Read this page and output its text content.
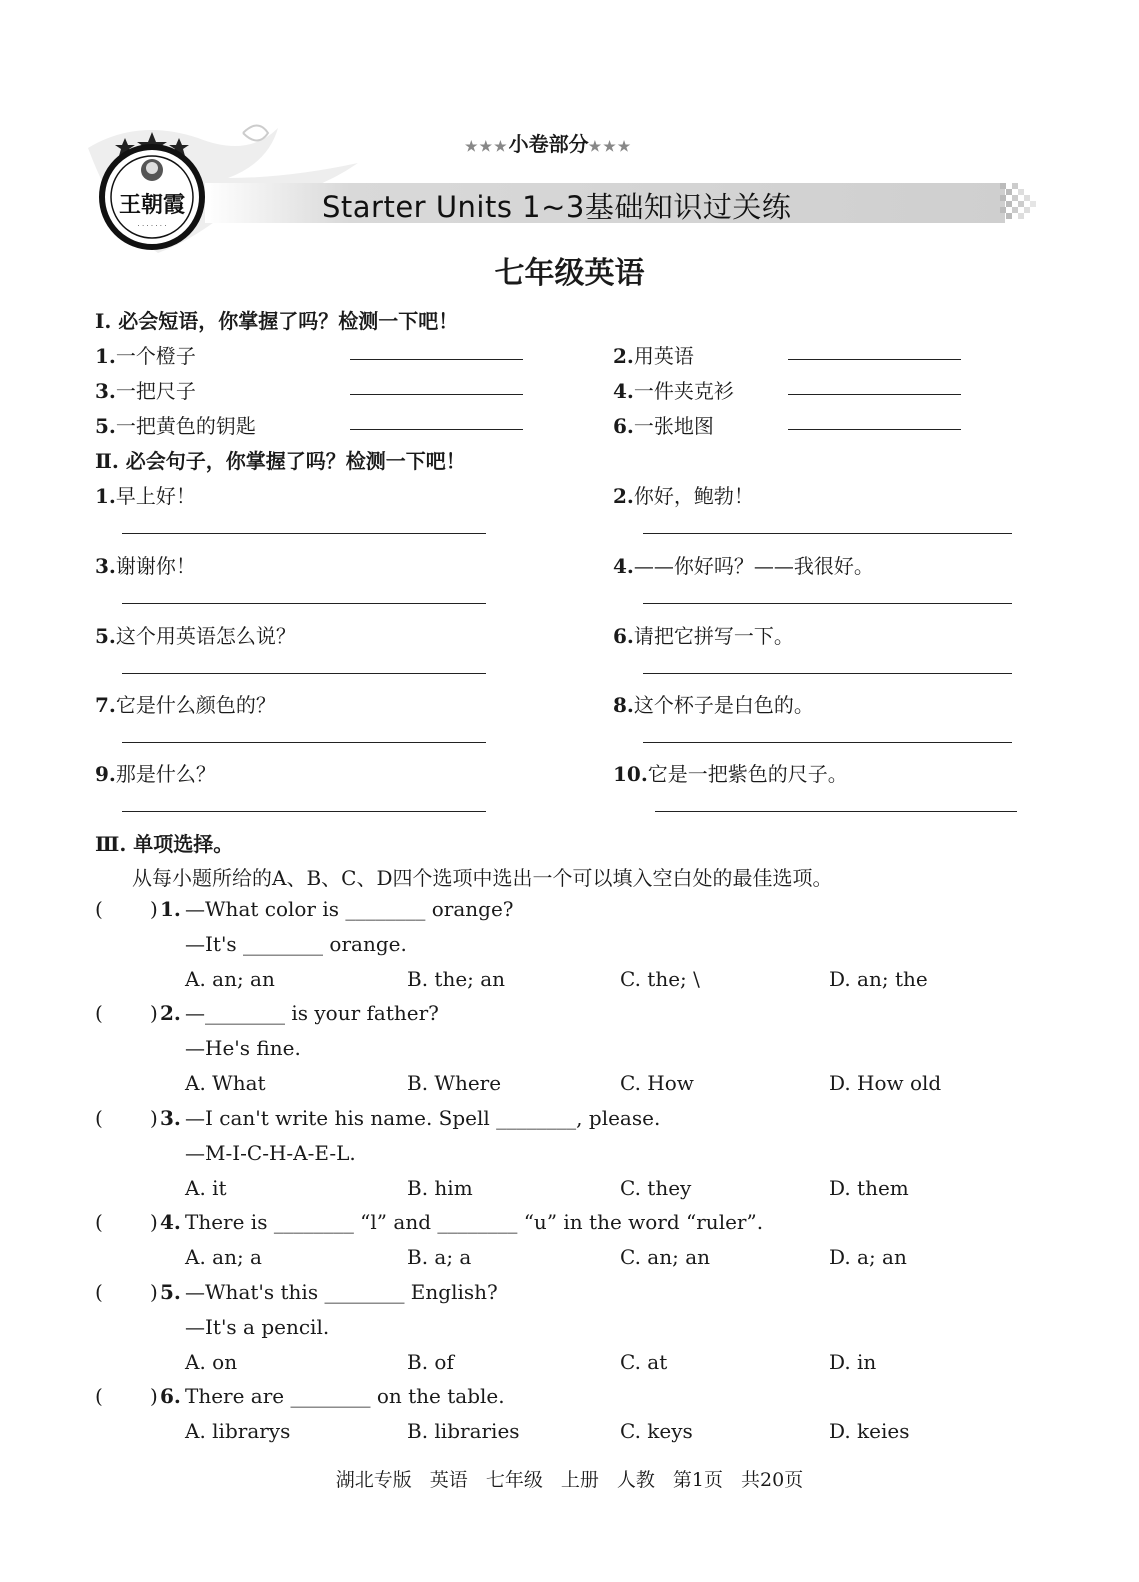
王朝霞
· · · · · · ·
★★★小卷部分★★★
Starter Units 1~3基础知识过关练
七年级英语
Ⅰ. 必会短语，你掌握了吗？检测一下吧！
1.一个橙子	2.用英语
3.一把尺子	4.一件夹克衫
5.一把黄色的钥匙	6.一张地图
Ⅱ. 必会句子，你掌握了吗？检测一下吧！
1.早上好！	2.你好，鲍勃！
3.谢谢你！	4.——你好吗？——我很好。
5.这个用英语怎么说？	6.请把它拼写一下。
7.它是什么颜色的？	8.这个杯子是白色的。
9.那是什么？	10.它是一把紫色的尺子。
Ⅲ. 单项选择。
从每小题所给的A、B、C、D四个选项中选出一个可以填入空白处的最佳选项。
( ) 1. —What color is ________ orange?
—It's ________ orange.
A. an; an	B. the; an	C. the; \	D. an; the
( ) 2. —________ is your father?
—He's fine.
A. What	B. Where	C. How	D. How old
( ) 3. —I can't write his name. Spell ________, please.
—M-I-C-H-A-E-L.
A. it	B. him	C. they	D. them
( ) 4. There is ________ “l” and ________ “u” in the word “ruler”.
A. an; a	B. a; a	C. an; an	D. a; an
( ) 5. —What's this ________ English?
—It's a pencil.
A. on	B. of	C. at	D. in
( ) 6. There are ________ on the table.
A. librarys	B. libraries	C. keys	D. keies
湖北专版 英语 七年级 上册 人教 第1页 共20页
